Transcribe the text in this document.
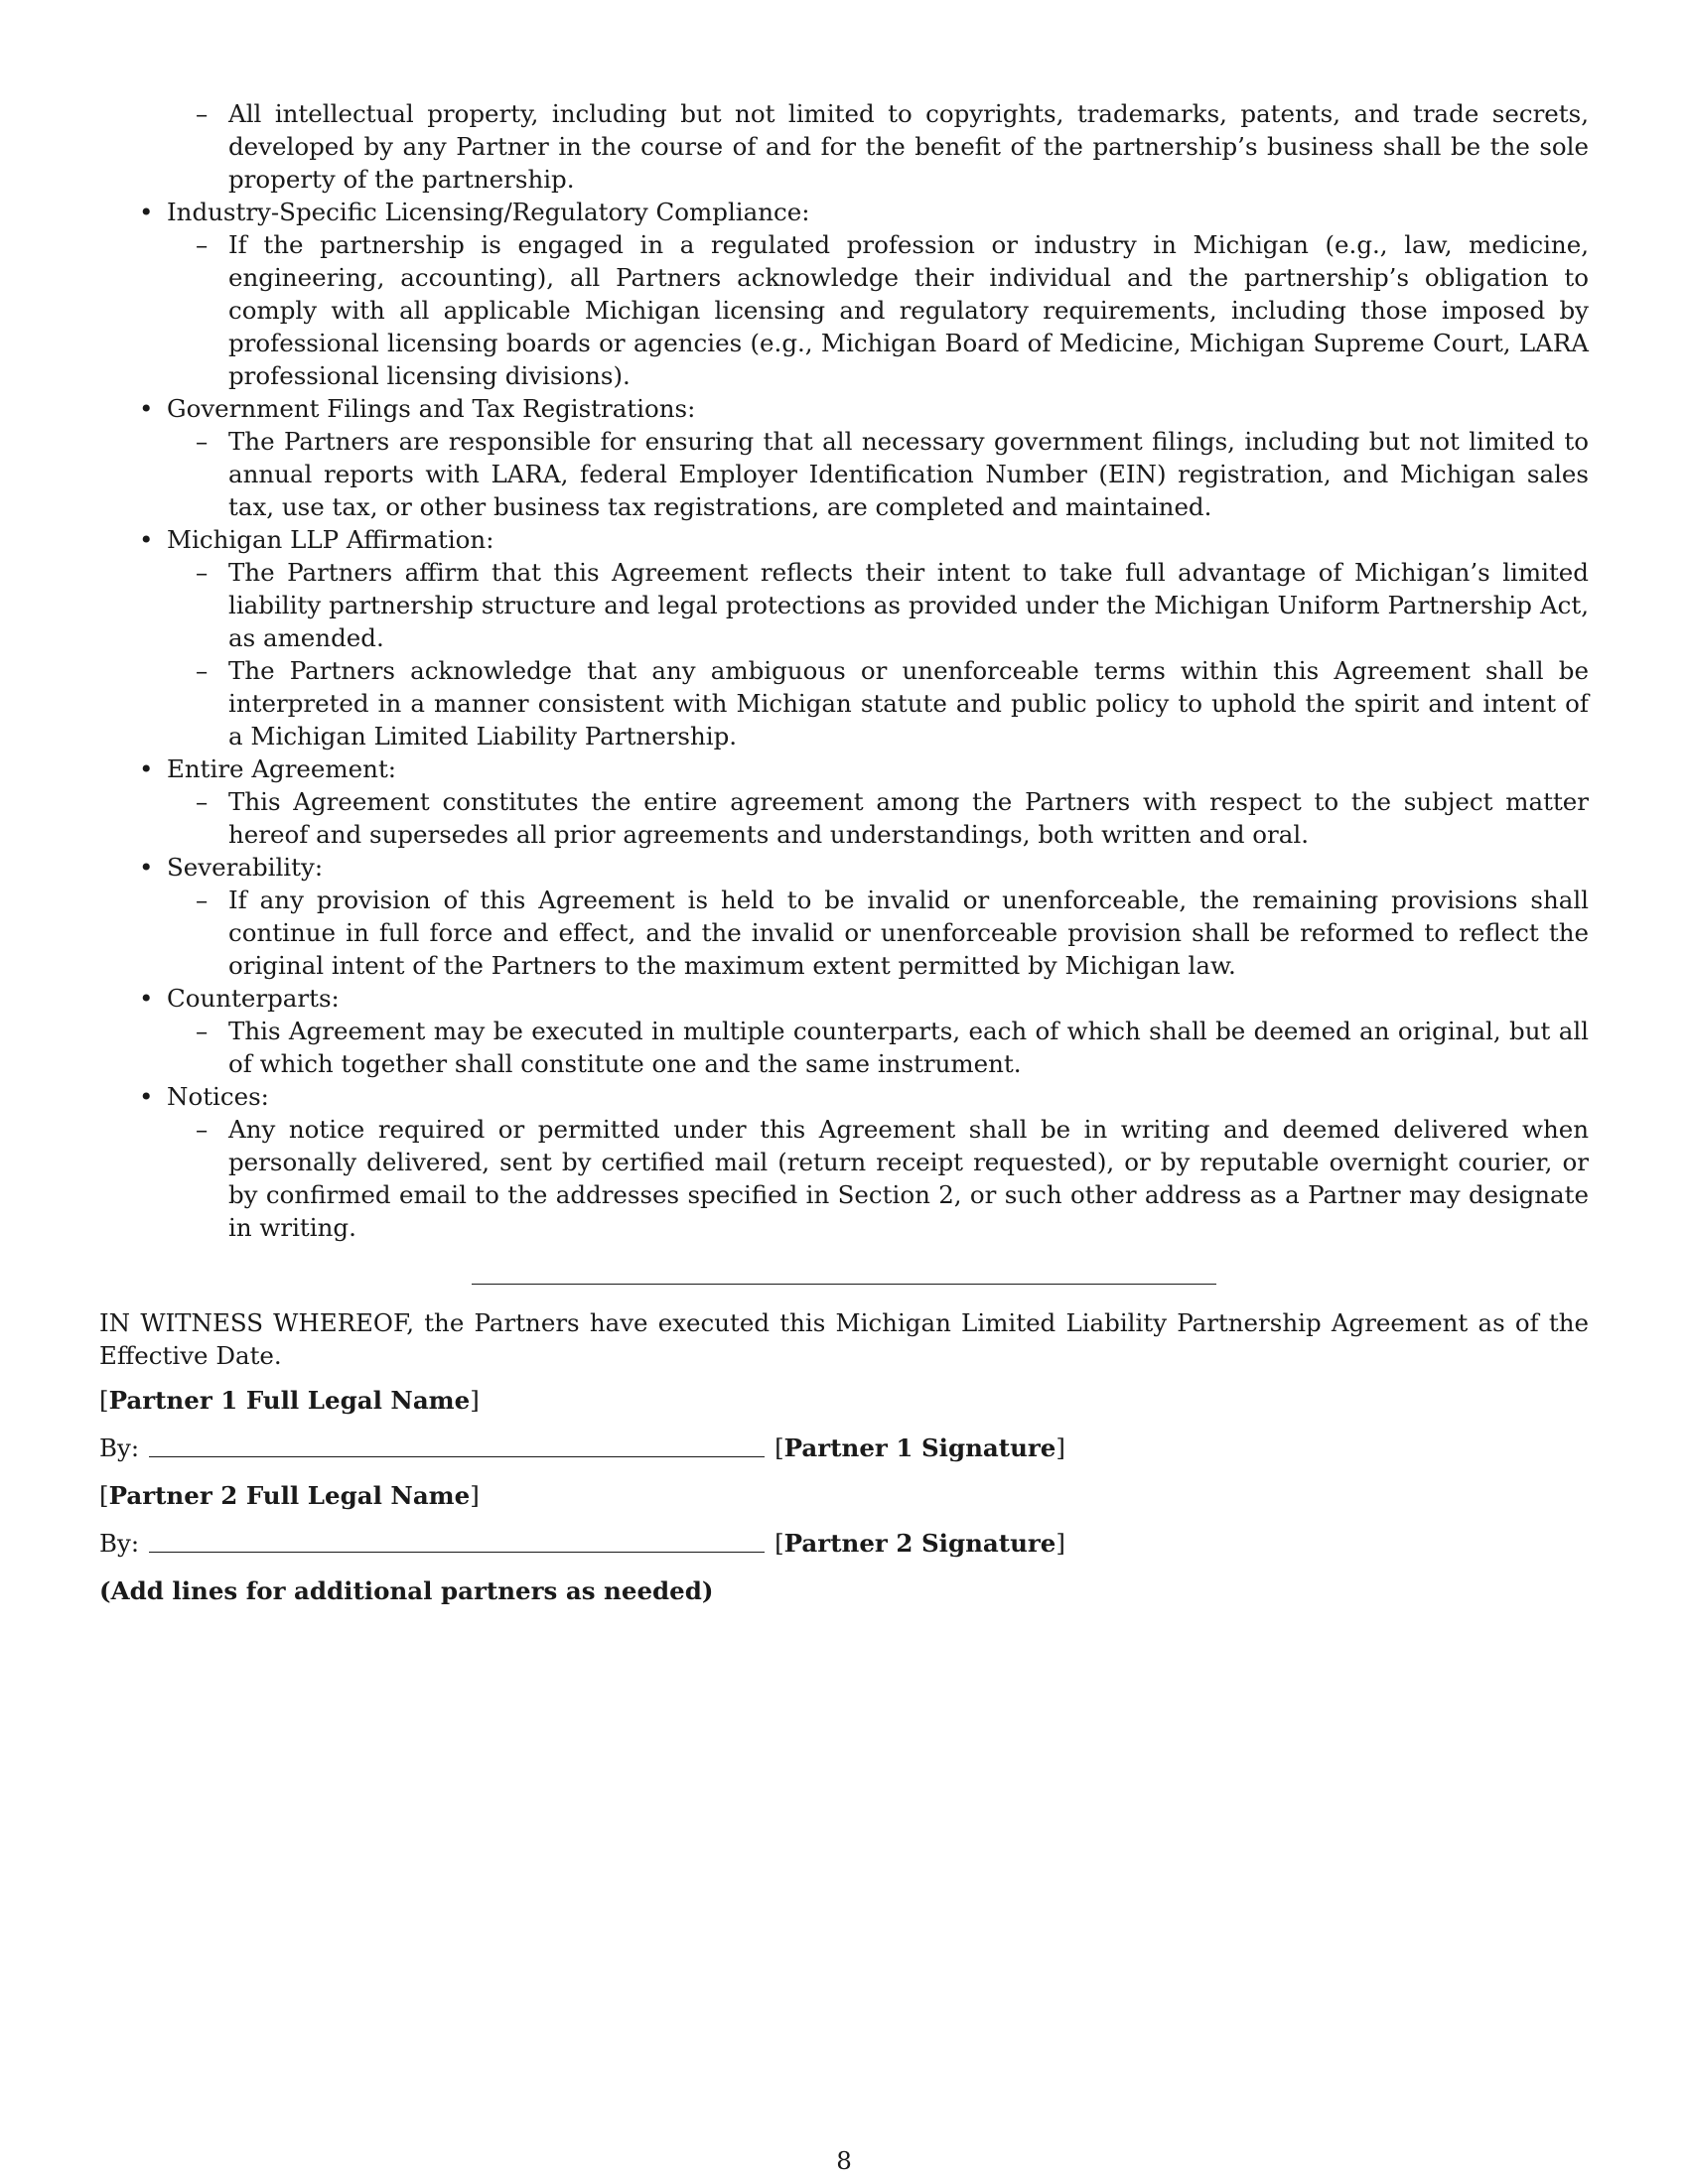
– All intellectual property, including but not limited to copyrights, trademarks, patents, and trade secrets, developed by any Partner in the course of and for the benefit of the partnership’s business shall be the sole property of the partnership.
• Industry-Specific Licensing/Regulatory Compliance:
– If the partnership is engaged in a regulated profession or industry in Michigan (e.g., law, medicine, engineering, accounting), all Partners acknowledge their individual and the partnership’s obligation to comply with all applicable Michigan licensing and regulatory requirements, including those imposed by professional licensing boards or agencies (e.g., Michigan Board of Medicine, Michigan Supreme Court, LARA professional licensing divisions).
• Government Filings and Tax Registrations:
– The Partners are responsible for ensuring that all necessary government filings, including but not limited to annual reports with LARA, federal Employer Identification Number (EIN) registration, and Michigan sales tax, use tax, or other business tax registrations, are completed and maintained.
• Michigan LLP Affirmation:
– The Partners affirm that this Agreement reflects their intent to take full advantage of Michigan’s limited liability partnership structure and legal protections as provided under the Michigan Uniform Partnership Act, as amended.
– The Partners acknowledge that any ambiguous or unenforceable terms within this Agreement shall be interpreted in a manner consistent with Michigan statute and public policy to uphold the spirit and intent of a Michigan Limited Liability Partnership.
• Entire Agreement:
– This Agreement constitutes the entire agreement among the Partners with respect to the subject matter hereof and supersedes all prior agreements and understandings, both written and oral.
• Severability:
– If any provision of this Agreement is held to be invalid or unenforceable, the remaining provisions shall continue in full force and effect, and the invalid or unenforceable provision shall be reformed to reflect the original intent of the Partners to the maximum extent permitted by Michigan law.
• Counterparts:
– This Agreement may be executed in multiple counterparts, each of which shall be deemed an original, but all of which together shall constitute one and the same instrument.
• Notices:
– Any notice required or permitted under this Agreement shall be in writing and deemed delivered when personally delivered, sent by certified mail (return receipt requested), or by reputable overnight courier, or by confirmed email to the addresses specified in Section 2, or such other address as a Partner may designate in writing.
IN WITNESS WHEREOF, the Partners have executed this Michigan Limited Liability Partnership Agreement as of the Effective Date.
[Partner 1 Full Legal Name]
By:	[Partner 1 Signature]
[Partner 2 Full Legal Name]
By:	[Partner 2 Signature]
(Add lines for additional partners as needed)
8
